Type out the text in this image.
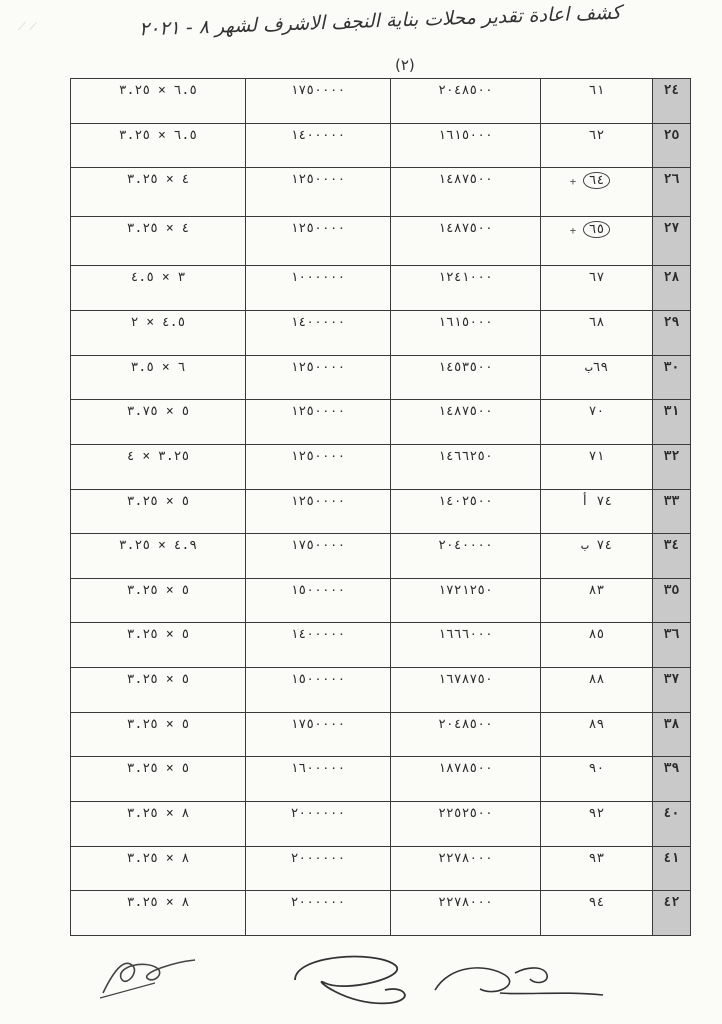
⟋ ⟋	كشف اعادة تقدير محلات بناية النجف الاشرف لشهر ٨ - ٢٠٢١
(٢)
٢٤	٦١	٢٠٤٨٥٠٠	١٧٥٠٠٠٠	٦.٥ × ٣.٢٥
٢٥	٦٢	١٦١٥٠٠٠	١٤٠٠٠٠٠	٦.٥ × ٣.٢٥
٢٦	+ ٦٤	١٤٨٧٥٠٠	١٢٥٠٠٠٠	٤ × ٣.٢٥
٢٧	+ ٦٥	١٤٨٧٥٠٠	١٢٥٠٠٠٠	٤ × ٣.٢٥
٢٨	٦٧	١٢٤١٠٠٠	١٠٠٠٠٠٠	٣ × ٤.٥
٢٩	٦٨	١٦١٥٠٠٠	١٤٠٠٠٠٠	٤.٥ × ٢
٣٠	٦٩ب	١٤٥٣٥٠٠	١٢٥٠٠٠٠	٦ × ٣.٥
٣١	٧٠	١٤٨٧٥٠٠	١٢٥٠٠٠٠	٥ × ٣.٧٥
٣٢	٧١	١٤٦٦٢٥٠	١٢٥٠٠٠٠	٣.٢٥ × ٤
٣٣	٧٤ أ	١٤٠٢٥٠٠	١٢٥٠٠٠٠	٥ × ٣.٢٥
٣٤	٧٤ ب	٢٠٤٠٠٠٠	١٧٥٠٠٠٠	٤.٩ × ٣.٢٥
٣٥	٨٣	١٧٢١٢٥٠	١٥٠٠٠٠٠	٥ × ٣.٢٥
٣٦	٨٥	١٦٦٦٠٠٠	١٤٠٠٠٠٠	٥ × ٣.٢٥
٣٧	٨٨	١٦٧٨٧٥٠	١٥٠٠٠٠٠	٥ × ٣.٢٥
٣٨	٨٩	٢٠٤٨٥٠٠	١٧٥٠٠٠٠	٥ × ٣.٢٥
٣٩	٩٠	١٨٧٨٥٠٠	١٦٠٠٠٠٠	٥ × ٣.٢٥
٤٠	٩٢	٢٢٥٢٥٠٠	٢٠٠٠٠٠٠	٨ × ٣.٢٥
٤١	٩٣	٢٢٧٨٠٠٠	٢٠٠٠٠٠٠	٨ × ٣.٢٥
٤٢	٩٤	٢٢٧٨٠٠٠	٢٠٠٠٠٠٠	٨ × ٣.٢٥
